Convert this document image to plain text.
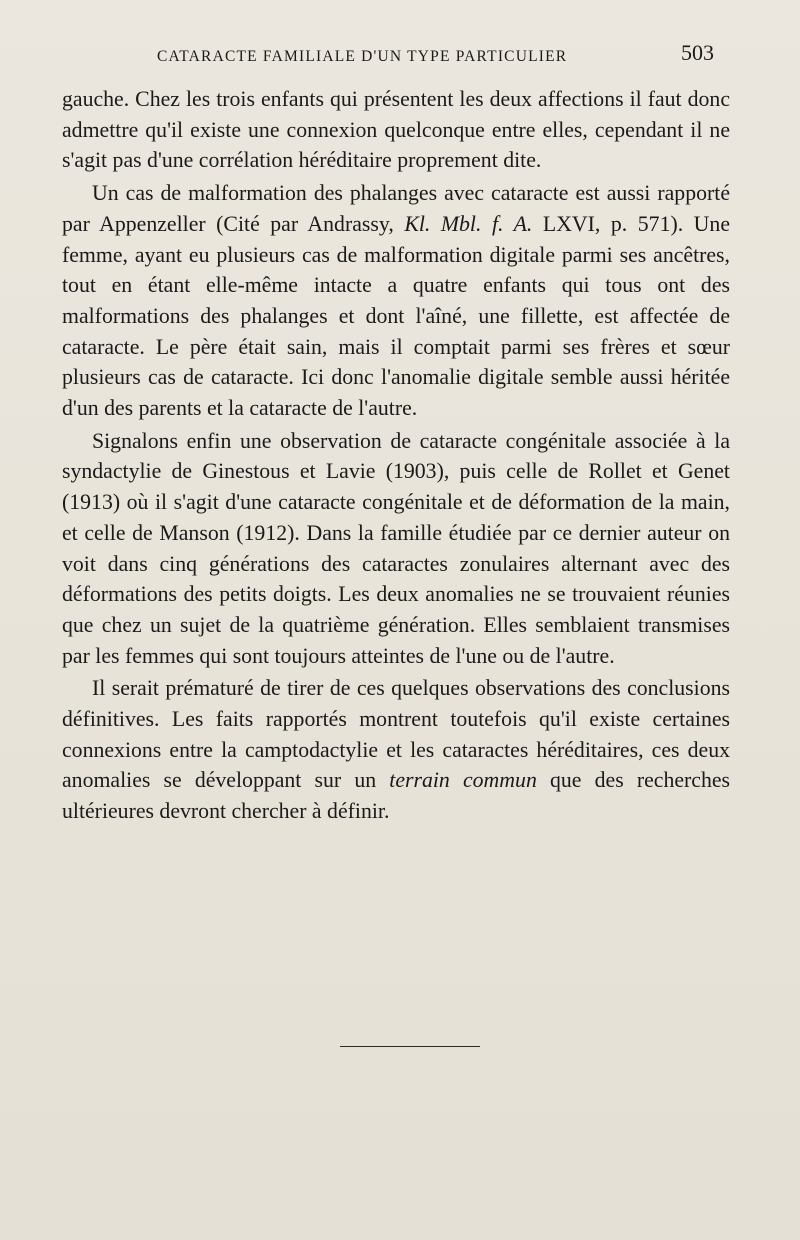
CATARACTE FAMILIALE D'UN TYPE PARTICULIER	503

gauche. Chez les trois enfants qui présentent les deux affections il faut donc admettre qu'il existe une connexion quelconque entre elles, cependant il ne s'agit pas d'une corrélation héréditaire proprement dite.

Un cas de malformation des phalanges avec cataracte est aussi rapporté par Appenzeller (Cité par Andrassy, Kl. Mbl. f. A. LXVI, p. 571). Une femme, ayant eu plusieurs cas de malformation digitale parmi ses ancêtres, tout en étant elle-même intacte a quatre enfants qui tous ont des malformations des phalanges et dont l'aîné, une fillette, est affectée de cataracte. Le père était sain, mais il comptait parmi ses frères et sœur plusieurs cas de cataracte. Ici donc l'anomalie digitale semble aussi héritée d'un des parents et la cataracte de l'autre.

Signalons enfin une observation de cataracte congénitale associée à la syndactylie de Ginestous et Lavie (1903), puis celle de Rollet et Genet (1913) où il s'agit d'une cataracte congénitale et de déformation de la main, et celle de Manson (1912). Dans la famille étudiée par ce dernier auteur on voit dans cinq générations des cataractes zonulaires alternant avec des déformations des petits doigts. Les deux anomalies ne se trouvaient réunies que chez un sujet de la quatrième génération. Elles semblaient transmises par les femmes qui sont toujours atteintes de l'une ou de l'autre.

Il serait prématuré de tirer de ces quelques observations des conclusions définitives. Les faits rapportés montrent toutefois qu'il existe certaines connexions entre la camptodactylie et les cataractes héréditaires, ces deux anomalies se développant sur un terrain commun que des recherches ultérieures devront chercher à définir.
